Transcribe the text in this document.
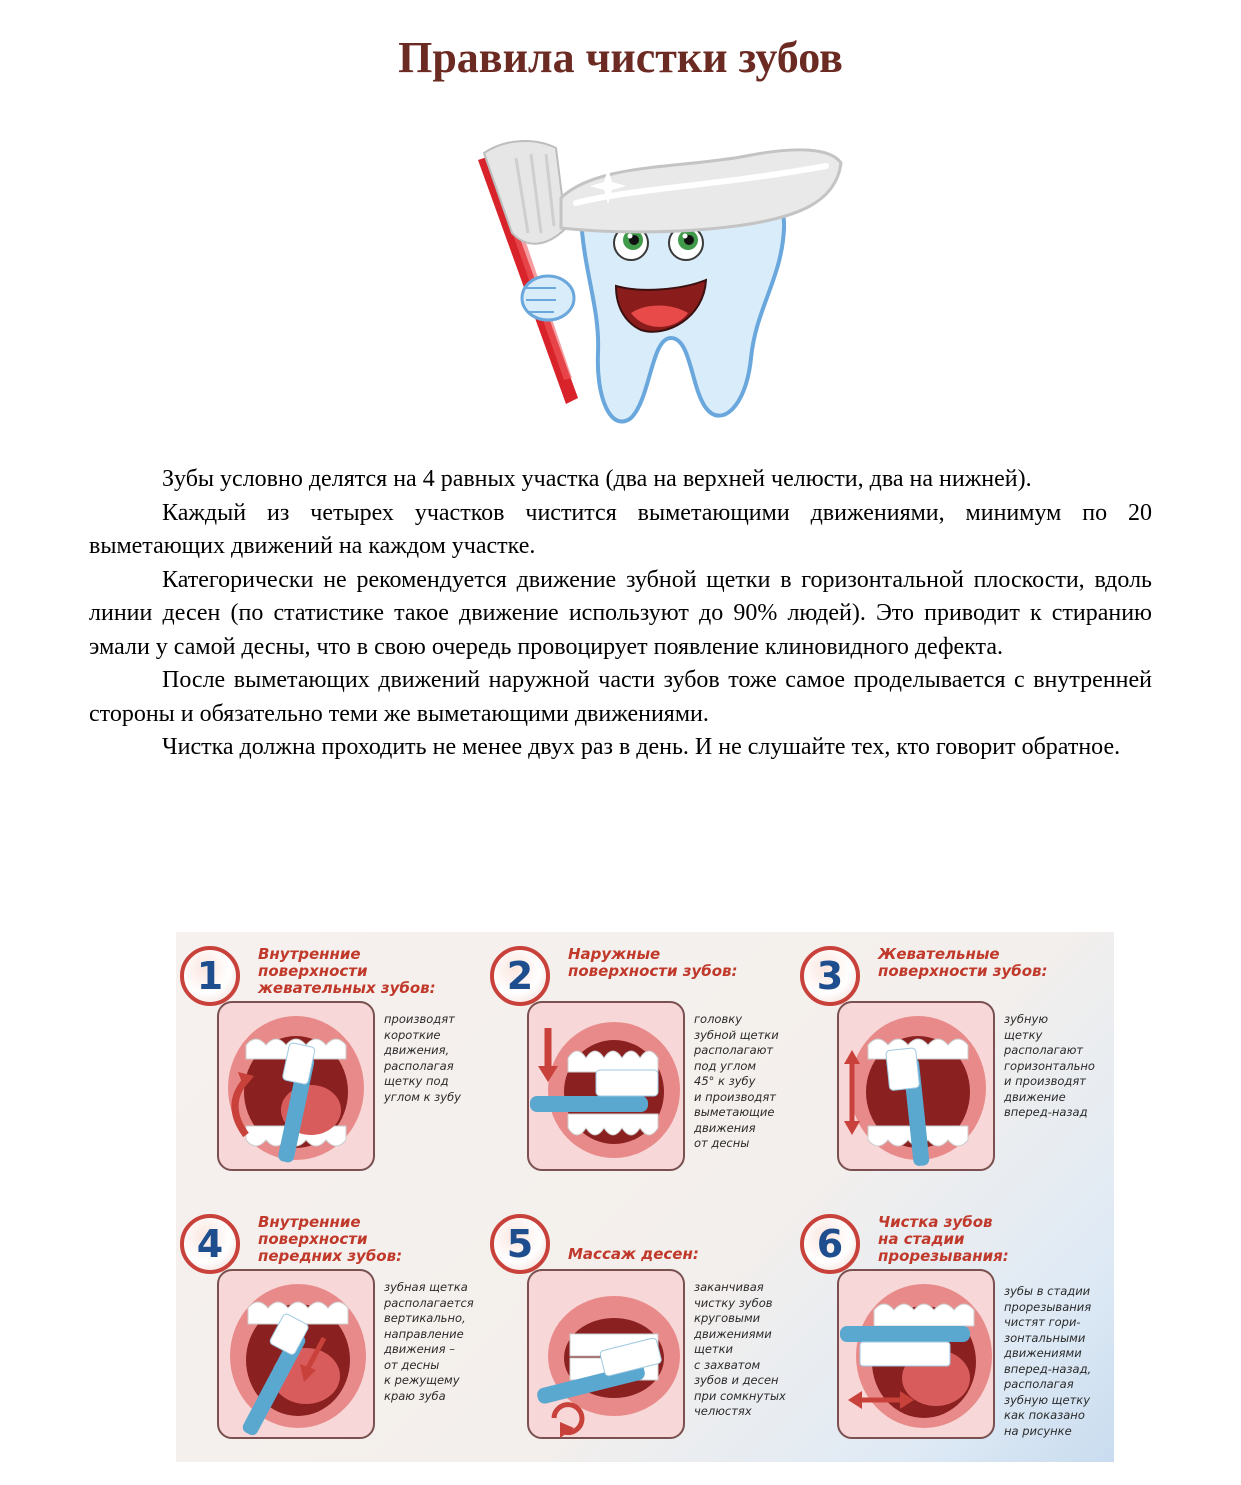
Правила чистки зубов

Зубы условно делятся на 4 равных участка (два на верхней челюсти, два на нижней).

Каждый из четырех участков чистится выметающими движениями, минимум по 20 выметающих движений на каждом участке.

Категорически не рекомендуется движение зубной щетки в горизонтальной плоскости, вдоль линии десен (по статистике такое движение используют до 90% людей). Это приводит к стиранию эмали у самой десны, что в свою очередь провоцирует появление клиновидного дефекта.

После выметающих движений наружной части зубов тоже самое проделывается с внутренней стороны и обязательно теми же выметающими движениями.

Чистка должна проходить не менее двух раз в день. И не слушайте тех, кто говорит обратное.

1	Внутренние
поверхности
жевательных зубов:
производят
короткие
движения,
располагая
щетку под
углом к зубу
2	Наружные
поверхности зубов:
головку
зубной щетки
располагают
под углом
45° к зубу
и производят
выметающие
движения
от десны
3	Жевательные
поверхности зубов:
зубную
щетку
располагают
горизонтально
и производят
движение
вперед-назад
4	Внутренние
поверхности
передних зубов:
зубная щетка
располагается
вертикально,
направление
движения –
от десны
к режущему
краю зуба
5	Массаж десен:
заканчивая
чистку зубов
круговыми
движениями
щетки
с захватом
зубов и десен
при сомкнутых
челюстях
6	Чистка зубов
на стадии
прорезывания:
зубы в стадии
прорезывания
чистят гори-
зонтальными
движениями
вперед-назад,
располагая
зубную щетку
как показано
на рисунке
